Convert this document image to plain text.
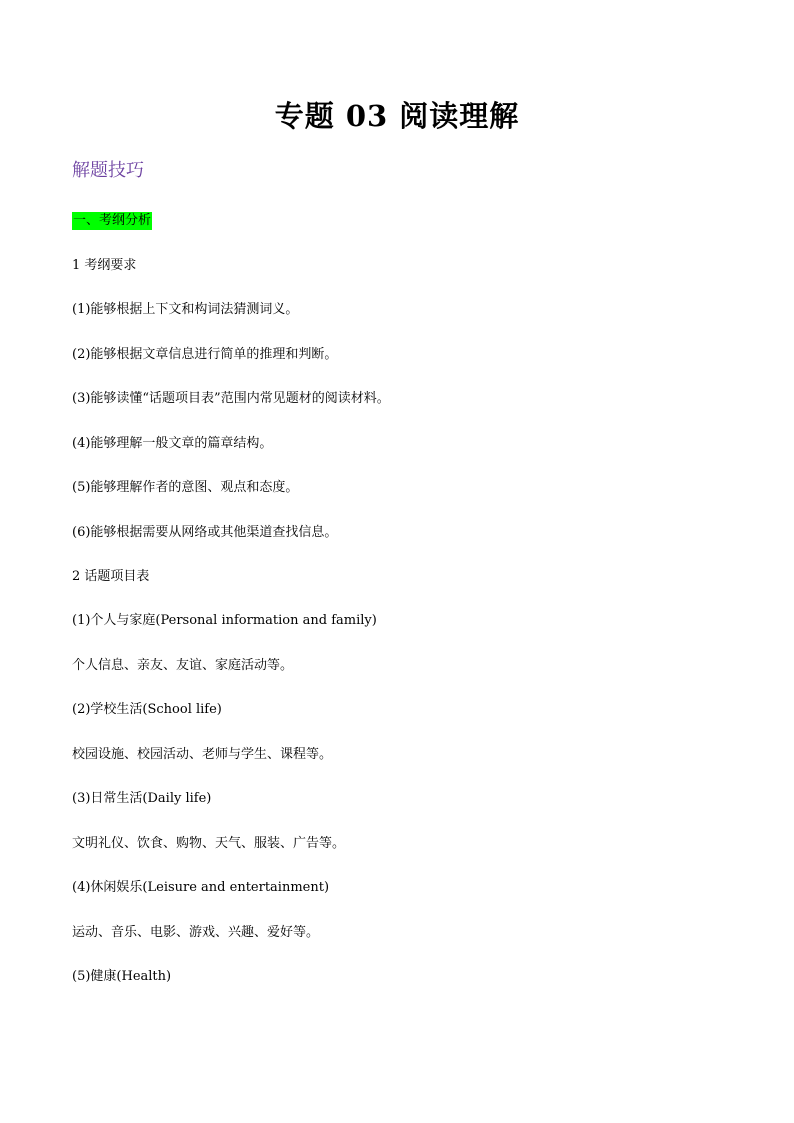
专题 03 阅读理解
解题技巧
一、考纲分析
1 考纲要求
(1)能够根据上下文和构词法猜测词义。
(2)能够根据文章信息进行简单的推理和判断。
(3)能够读懂“话题项目表”范围内常见题材的阅读材料。
(4)能够理解一般文章的篇章结构。
(5)能够理解作者的意图、观点和态度。
(6)能够根据需要从网络或其他渠道查找信息。
2 话题项目表
(1)个人与家庭(Personal information and family)
个人信息、亲友、友谊、家庭活动等。
(2)学校生活(School life)
校园设施、校园活动、老师与学生、课程等。
(3)日常生活(Daily life)
文明礼仪、饮食、购物、天气、服装、广告等。
(4)休闲娱乐(Leisure and entertainment)
运动、音乐、电影、游戏、兴趣、爱好等。
(5)健康(Health)
